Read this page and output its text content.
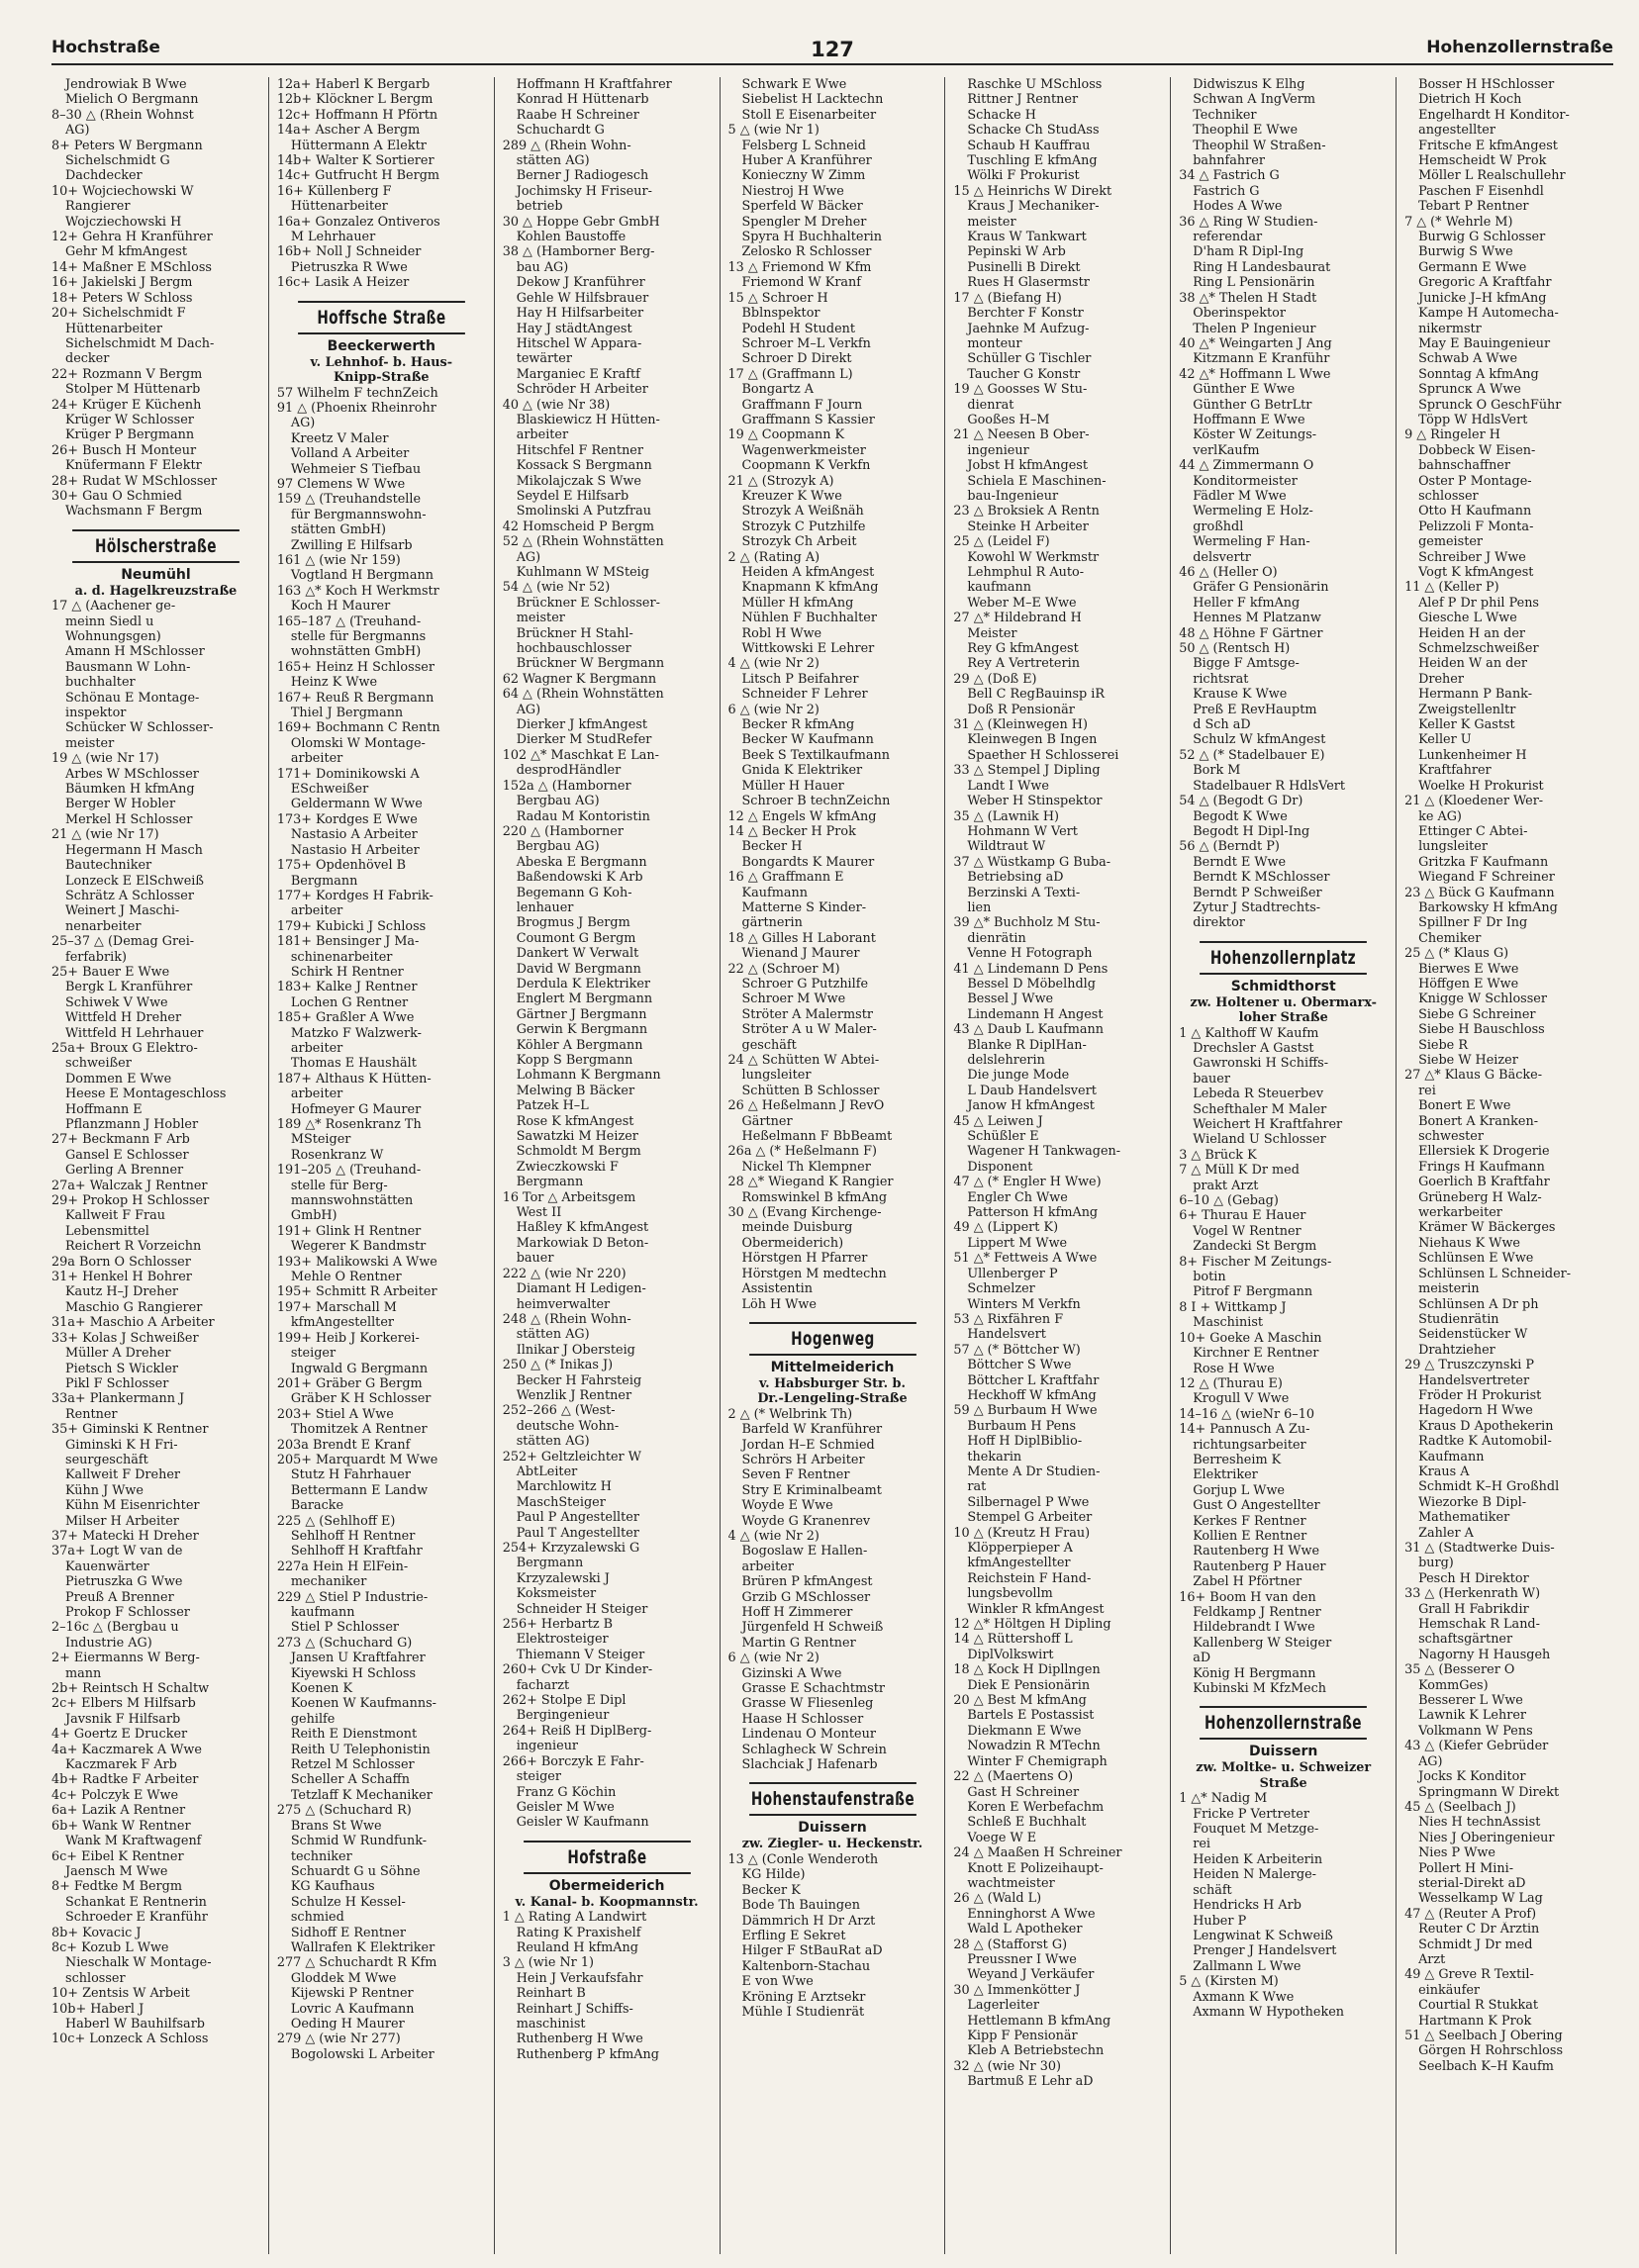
Hochstraße	127	Hohenzollernstraße
Jendrowiak B Wwe
Mielich O Bergmann
8–30 △ (Rhein Wohnst
AG)
8+ Peters W Bergmann
Sichelschmidt G
Dachdecker
10+ Wojciechowski W
Rangierer
Wojcziechowski H
12+ Gehra H Kranführer
Gehr M kfmAngest
14+ Maßner E MSchloss
16+ Jakielski J Bergm
18+ Peters W Schloss
20+ Sichelschmidt F
Hüttenarbeiter
Sichelschmidt M Dach-
decker
22+ Rozmann V Bergm
Stolper M Hüttenarb
24+ Krüger E Küchenh
Krüger W Schlosser
Krüger P Bergmann
26+ Busch H Monteur
Knüfermann F Elektr
28+ Rudat W MSchlosser
30+ Gau O Schmied
Wachsmann F Bergm
Hölscherstraße
Neumühl
a. d. Hagelkreuzstraße
17 △ (Aachener ge-
meinn Siedl u
Wohnungsgen)
Amann H MSchlosser
Bausmann W Lohn-
buchhalter
Schönau E Montage-
inspektor
Schücker W Schlosser-
meister
19 △ (wie Nr 17)
Arbes W MSchlosser
Bäumken H kfmAng
Berger W Hobler
Merkel H Schlosser
21 △ (wie Nr 17)
Hegermann H Masch
Bautechniker
Lonzeck E ElSchweiß
Schrätz A Schlosser
Weinert J Maschi-
nenarbeiter
25–37 △ (Demag Grei-
ferfabrik)
25+ Bauer E Wwe
Bergk L Kranführer
Schiwek V Wwe
Wittfeld H Dreher
Wittfeld H Lehrhauer
25a+ Broux G Elektro-
schweißer
Dommen E Wwe
Heese E Montageschloss
Hoffmann E
Pflanzmann J Hobler
27+ Beckmann F Arb
Gansel E Schlosser
Gerling A Brenner
27a+ Walczak J Rentner
29+ Prokop H Schlosser
Kallweit F Frau
Lebensmittel
Reichert R Vorzeichn
29a Born O Schlosser
31+ Henkel H Bohrer
Kautz H–J Dreher
Maschio G Rangierer
31a+ Maschio A Arbeiter
33+ Kolas J Schweißer
Müller A Dreher
Pietsch S Wickler
Pikl F Schlosser
33a+ Plankermann J
Rentner
35+ Giminski K Rentner
Giminski K H Fri-
seurgeschäft
Kallweit F Dreher
Kühn J Wwe
Kühn M Eisenrichter
Milser H Arbeiter
37+ Matecki H Dreher
37a+ Logt W van de
Kauenwärter
Pietruszka G Wwe
Preuß A Brenner
Prokop F Schlosser
2–16c △ (Bergbau u
Industrie AG)
2+ Eiermanns W Berg-
mann
2b+ Reintsch H Schaltw
2c+ Elbers M Hilfsarb
Javsnik F Hilfsarb
4+ Goertz E Drucker
4a+ Kaczmarek A Wwe
Kaczmarek F Arb
4b+ Radtke F Arbeiter
4c+ Polczyk E Wwe
6a+ Lazik A Rentner
6b+ Wank W Rentner
Wank M Kraftwagenf
6c+ Eibel K Rentner
Jaensch M Wwe
8+ Fedtke M Bergm
Schankat E Rentnerin
Schroeder E Kranführ
8b+ Kovacic J
8c+ Kozub L Wwe
Nieschalk W Montage-
schlosser
10+ Zentsis W Arbeit
10b+ Haberl J
Haberl W Bauhilfsarb
10c+ Lonzeck A Schloss
12a+ Haberl K Bergarb
12b+ Klöckner L Bergm
12c+ Hoffmann H Pförtn
14a+ Ascher A Bergm
Hüttermann A Elektr
14b+ Walter K Sortierer
14c+ Gutfrucht H Bergm
16+ Küllenberg F
Hüttenarbeiter
16a+ Gonzalez Ontiveros
M Lehrhauer
16b+ Noll J Schneider
Pietruszka R Wwe
16c+ Lasik A Heizer
Hoffsche Straße
Beeckerwerth
v. Lehnhof- b. Haus-
Knipp-Straße
57 Wilhelm F technZeich
91 △ (Phoenix Rheinrohr
AG)
Kreetz V Maler
Volland A Arbeiter
Wehmeier S Tiefbau
97 Clemens W Wwe
159 △ (Treuhandstelle
für Bergmannswohn-
stätten GmbH)
Zwilling E Hilfsarb
161 △ (wie Nr 159)
Vogtland H Bergmann
163 △* Koch H Werkmstr
Koch H Maurer
165–187 △ (Treuhand-
stelle für Bergmanns
wohnstätten GmbH)
165+ Heinz H Schlosser
Heinz K Wwe
167+ Reuß R Bergmann
Thiel J Bergmann
169+ Bochmann C Rentn
Olomski W Montage-
arbeiter
171+ Dominikowski A
ESchweißer
Geldermann W Wwe
173+ Kordges E Wwe
Nastasio A Arbeiter
Nastasio H Arbeiter
175+ Opdenhövel B
Bergmann
177+ Kordges H Fabrik-
arbeiter
179+ Kubicki J Schloss
181+ Bensinger J Ma-
schinenarbeiter
Schirk H Rentner
183+ Kalke J Rentner
Lochen G Rentner
185+ Graßler A Wwe
Matzko F Walzwerk-
arbeiter
Thomas E Haushält
187+ Althaus K Hütten-
arbeiter
Hofmeyer G Maurer
189 △* Rosenkranz Th
MSteiger
Rosenkranz W
191–205 △ (Treuhand-
stelle für Berg-
mannswohnstätten
GmbH)
191+ Glink H Rentner
Wegerer K Bandmstr
193+ Malikowski A Wwe
Mehle O Rentner
195+ Schmitt R Arbeiter
197+ Marschall M
kfmAngestellter
199+ Heib J Korkerei-
steiger
Ingwald G Bergmann
201+ Gräber G Bergm
Gräber K H Schlosser
203+ Stiel A Wwe
Thomitzek A Rentner
203a Brendt E Kranf
205+ Marquardt M Wwe
Stutz H Fahrhauer
Bettermann E Landw
Baracke
225 △ (Sehlhoff E)
Sehlhoff H Rentner
Sehlhoff H Kraftfahr
227a Hein H ElFein-
mechaniker
229 △ Stiel P Industrie-
kaufmann
Stiel P Schlosser
273 △ (Schuchard G)
Jansen U Kraftfahrer
Kiyewski H Schloss
Koenen K
Koenen W Kaufmanns-
gehilfe
Reith E Dienstmont
Reith U Telephonistin
Retzel M Schlosser
Scheller A Schaffn
Tetzlaff K Mechaniker
275 △ (Schuchard R)
Brans St Wwe
Schmid W Rundfunk-
techniker
Schuardt G u Söhne
KG Kaufhaus
Schulze H Kessel-
schmied
Sidhoff E Rentner
Wallrafen K Elektriker
277 △ Schuchardt R Kfm
Gloddek M Wwe
Kijewski P Rentner
Lovric A Kaufmann
Oeding H Maurer
279 △ (wie Nr 277)
Bogolowski L Arbeiter
Hoffmann H Kraftfahrer
Konrad H Hüttenarb
Raabe H Schreiner
Schuchardt G
289 △ (Rhein Wohn-
stätten AG)
Berner J Radiogesch
Jochimsky H Friseur-
betrieb
30 △ Hoppe Gebr GmbH
Kohlen Baustoffe
38 △ (Hamborner Berg-
bau AG)
Dekow J Kranführer
Gehle W Hilfsbrauer
Hay H Hilfsarbeiter
Hay J städtAngest
Hitschel W Appara-
tewärter
Marganiec E Kraftf
Schröder H Arbeiter
40 △ (wie Nr 38)
Blaskiewicz H Hütten-
arbeiter
Hitschfel F Rentner
Kossack S Bergmann
Mikolajczak S Wwe
Seydel E Hilfsarb
Smolinski A Putzfrau
42 Homscheid P Bergm
52 △ (Rhein Wohnstätten
AG)
Kuhlmann W MSteig
54 △ (wie Nr 52)
Brückner E Schlosser-
meister
Brückner H Stahl-
hochbauschlosser
Brückner W Bergmann
62 Wagner K Bergmann
64 △ (Rhein Wohnstätten
AG)
Dierker J kfmAngest
Dierker M StudRefer
102 △* Maschkat E Lan-
desprodHändler
152a △ (Hamborner
Bergbau AG)
Radau M Kontoristin
220 △ (Hamborner
Bergbau AG)
Abeska E Bergmann
Baßendowski K Arb
Begemann G Koh-
lenhauer
Brogmus J Bergm
Coumont G Bergm
Dankert W Verwalt
David W Bergmann
Derdula K Elektriker
Englert M Bergmann
Gärtner J Bergmann
Gerwin K Bergmann
Köhler A Bergmann
Kopp S Bergmann
Lohmann K Bergmann
Melwing B Bäcker
Patzek H–L
Rose K kfmAngest
Sawatzki M Heizer
Schmoldt M Bergm
Zwieczkowski F
Bergmann
16 Tor △ Arbeitsgem
West II
Haßley K kfmAngest
Markowiak D Beton-
bauer
222 △ (wie Nr 220)
Diamant H Ledigen-
heimverwalter
248 △ (Rhein Wohn-
stätten AG)
Ilnikar J Obersteig
250 △ (* Inikas J)
Becker H Fahrsteig
Wenzlik J Rentner
252–266 △ (West-
deutsche Wohn-
stätten AG)
252+ Geltzleichter W
AbtLeiter
Marchlowitz H
MaschSteiger
Paul P Angestellter
Paul T Angestellter
254+ Krzyzalewski G
Bergmann
Krzyzalewski J
Koksmeister
Schneider H Steiger
256+ Herbartz B
Elektrosteiger
Thiemann V Steiger
260+ Cvk U Dr Kinder-
facharzt
262+ Stolpe E Dipl
Bergingenieur
264+ Reiß H DiplBerg-
ingenieur
266+ Borczyk E Fahr-
steiger
Franz G Köchin
Geisler M Wwe
Geisler W Kaufmann
Hofstraße
Obermeiderich
v. Kanal- b. Koopmannstr.
1 △ Rating A Landwirt
Rating K Praxishelf
Reuland H kfmAng
3 △ (wie Nr 1)
Hein J Verkaufsfahr
Reinhart B
Reinhart J Schiffs-
maschinist
Ruthenberg H Wwe
Ruthenberg P kfmAng
Schwark E Wwe
Siebelist H Lacktechn
Stoll E Eisenarbeiter
5 △ (wie Nr 1)
Felsberg L Schneid
Huber A Kranführer
Konieczny W Zimm
Niestroj H Wwe
Sperfeld W Bäcker
Spengler M Dreher
Spyra H Buchhalterin
Zelosko R Schlosser
13 △ Friemond W Kfm
Friemond W Kranf
15 △ Schroer H
Bblnspektor
Podehl H Student
Schroer M–L Verkfn
Schroer D Direkt
17 △ (Graffmann L)
Bongartz A
Graffmann F Journ
Graffmann S Kassier
19 △ Coopmann K
Wagenwerkmeister
Coopmann K Verkfn
21 △ (Strozyk A)
Kreuzer K Wwe
Strozyk A Weißnäh
Strozyk C Putzhilfe
Strozyk Ch Arbeit
2 △ (Rating A)
Heiden A kfmAngest
Knapmann K kfmAng
Müller H kfmAng
Nühlen F Buchhalter
Robl H Wwe
Wittkowski E Lehrer
4 △ (wie Nr 2)
Litsch P Beifahrer
Schneider F Lehrer
6 △ (wie Nr 2)
Becker R kfmAng
Becker W Kaufmann
Beek S Textilkaufmann
Gnida K Elektriker
Müller H Hauer
Schroer B technZeichn
12 △ Engels W kfmAng
14 △ Becker H Prok
Becker H
Bongardts K Maurer
16 △ Graffmann E
Kaufmann
Matterne S Kinder-
gärtnerin
18 △ Gilles H Laborant
Wienand J Maurer
22 △ (Schroer M)
Schroer G Putzhilfe
Schroer M Wwe
Ströter A Malermstr
Ströter A u W Maler-
geschäft
24 △ Schütten W Abtei-
lungsleiter
Schütten B Schlosser
26 △ Heßelmann J RevO
Gärtner
Heßelmann F BbBeamt
26a △ (* Heßelmann F)
Nickel Th Klempner
28 △* Wiegand K Rangier
Romswinkel B kfmAng
30 △ (Evang Kirchenge-
meinde Duisburg
Obermeiderich)
Hörstgen H Pfarrer
Hörstgen M medtechn
Assistentin
Löh H Wwe
Hogenweg
Mittelmeiderich
v. Habsburger Str. b.
Dr.-Lengeling-Straße
2 △ (* Welbrink Th)
Barfeld W Kranführer
Jordan H–E Schmied
Schrörs H Arbeiter
Seven F Rentner
Stry E Kriminalbeamt
Woyde E Wwe
Woyde G Kranenrev
4 △ (wie Nr 2)
Bogoslaw E Hallen-
arbeiter
Brüren P kfmAngest
Grzib G MSchlosser
Hoff H Zimmerer
Jürgenfeld H Schweiß
Martin G Rentner
6 △ (wie Nr 2)
Gizinski A Wwe
Grasse E Schachtmstr
Grasse W Fliesenleg
Haase H Schlosser
Lindenau O Monteur
Schlagheck W Schrein
Slachciak J Hafenarb
Hohenstaufenstraße
Duissern
zw. Ziegler- u. Heckenstr.
13 △ (Conle Wenderoth
KG Hilde)
Becker K
Bode Th Bauingen
Dämmrich H Dr Arzt
Erfling E Sekret
Hilger F StBauRat aD
Kaltenborn-Stachau
E von Wwe
Kröning E Arztsekr
Mühle I Studienrät
Raschke U MSchloss
Rittner J Rentner
Schacke H
Schacke Ch StudAss
Schaub H Kauffrau
Tuschling E kfmAng
Wölki F Prokurist
15 △ Heinrichs W Direkt
Kraus J Mechaniker-
meister
Kraus W Tankwart
Pepinski W Arb
Pusinelli B Direkt
Rues H Glasermstr
17 △ (Biefang H)
Berchter F Konstr
Jaehnke M Aufzug-
monteur
Schüller G Tischler
Taucher G Konstr
19 △ Goosses W Stu-
dienrat
Gooßes H–M
21 △ Neesen B Ober-
ingenieur
Jobst H kfmAngest
Schiela E Maschinen-
bau-Ingenieur
23 △ Broksiek A Rentn
Steinke H Arbeiter
25 △ (Leidel F)
Kowohl W Werkmstr
Lehmphul R Auto-
kaufmann
Weber M–E Wwe
27 △* Hildebrand H
Meister
Rey G kfmAngest
Rey A Vertreterin
29 △ (Doß E)
Bell C RegBauinsp iR
Doß R Pensionär
31 △ (Kleinwegen H)
Kleinwegen B Ingen
Spaether H Schlosserei
33 △ Stempel J Dipling
Landt I Wwe
Weber H Stinspektor
35 △ (Lawnik H)
Hohmann W Vert
Wildtraut W
37 △ Wüstkamp G Buba-
Betriebsing aD
Berzinski A Texti-
lien
39 △* Buchholz M Stu-
dienrätin
Venne H Fotograph
41 △ Lindemann D Pens
Bessel D Möbelhdlg
Bessel J Wwe
Lindemann H Angest
43 △ Daub L Kaufmann
Blanke R DiplHan-
delslehrerin
Die junge Mode
L Daub Handelsvert
Janow H kfmAngest
45 △ Leiwen J
Schüßler E
Wagener H Tankwagen-
Disponent
47 △ (* Engler H Wwe)
Engler Ch Wwe
Patterson H kfmAng
49 △ (Lippert K)
Lippert M Wwe
51 △* Fettweis A Wwe
Ullenberger P
Schmelzer
Winters M Verkfn
53 △ Rixfähren F
Handelsvert
57 △ (* Böttcher W)
Böttcher S Wwe
Böttcher L Kraftfahr
Heckhoff W kfmAng
59 △ Burbaum H Wwe
Burbaum H Pens
Hoff H DiplBiblio-
thekarin
Mente A Dr Studien-
rat
Silbernagel P Wwe
Stempel G Arbeiter
10 △ (Kreutz H Frau)
Klöpperpieper A
kfmAngestellter
Reichstein F Hand-
lungsbevollm
Winkler R kfmAngest
12 △* Höltgen H Dipling
14 △ Rüttershoff L
DiplVolkswirt
18 △ Kock H Dipllngen
Diek E Pensionärin
20 △ Best M kfmAng
Bartels E Postassist
Diekmann E Wwe
Nowadzin R MTechn
Winter F Chemigraph
22 △ (Maertens O)
Gast H Schreiner
Koren E Werbefachm
Schleß E Buchhalt
Voege W E
24 △ Maaßen H Schreiner
Knott E Polizeihaupt-
wachtmeister
26 △ (Wald L)
Enninghorst A Wwe
Wald L Apotheker
28 △ (Stafforst G)
Preussner I Wwe
Weyand J Verkäufer
30 △ Immenkötter J
Lagerleiter
Hettlemann B kfmAng
Kipp F Pensionär
Kleb A Betriebstechn
32 △ (wie Nr 30)
Bartmuß E Lehr aD
Didwiszus K Elhg
Schwan A IngVerm
Techniker
Theophil E Wwe
Theophil W Straßen-
bahnfahrer
34 △ Fastrich G
Fastrich G
Hodes A Wwe
36 △ Ring W Studien-
referendar
D'ham R Dipl-Ing
Ring H Landesbaurat
Ring L Pensionärin
38 △* Thelen H Stadt
Oberinspektor
Thelen P Ingenieur
40 △* Weingarten J Ang
Kitzmann E Kranführ
42 △* Hoffmann L Wwe
Günther E Wwe
Günther G BetrLtr
Hoffmann E Wwe
Köster W Zeitungs-
verlKaufm
44 △ Zimmermann O
Konditormeister
Fädler M Wwe
Wermeling E Holz-
großhdl
Wermeling F Han-
delsvertr
46 △ (Heller O)
Gräfer G Pensionärin
Heller F kfmAng
Hennes M Platzanw
48 △ Höhne F Gärtner
50 △ (Rentsch H)
Bigge F Amtsge-
richtsrat
Krause K Wwe
Preß E RevHauptm
d Sch aD
Schulz W kfmAngest
52 △ (* Stadelbauer E)
Bork M
Stadelbauer R HdlsVert
54 △ (Begodt G Dr)
Begodt K Wwe
Begodt H Dipl-Ing
56 △ (Berndt P)
Berndt E Wwe
Berndt K MSchlosser
Berndt P Schweißer
Zytur J Stadtrechts-
direktor
Hohenzollernplatz
Schmidthorst
zw. Holtener u. Obermarx-
loher Straße
1 △ Kalthoff W Kaufm
Drechsler A Gastst
Gawronski H Schiffs-
bauer
Lebeda R Steuerbev
Schefthaler M Maler
Weichert H Kraftfahrer
Wieland U Schlosser
3 △ Brück K
7 △ Müll K Dr med
prakt Arzt
6–10 △ (Gebag)
6+ Thurau E Hauer
Vogel W Rentner
Zandecki St Bergm
8+ Fischer M Zeitungs-
botin
Pitrof F Bergmann
8 I + Wittkamp J
Maschinist
10+ Goeke A Maschin
Kirchner E Rentner
Rose H Wwe
12 △ (Thurau E)
Krogull V Wwe
14–16 △ (wieNr 6–10
14+ Pannusch A Zu-
richtungsarbeiter
Berresheim K
Elektriker
Gorjup L Wwe
Gust O Angestellter
Kerkes F Rentner
Kollien E Rentner
Rautenberg H Wwe
Rautenberg P Hauer
Zabel H Pförtner
16+ Boom H van den
Feldkamp J Rentner
Hildebrandt I Wwe
Kallenberg W Steiger
aD
König H Bergmann
Kubinski M KfzMech
Hohenzollernstraße
Duissern
zw. Moltke- u. Schweizer
Straße
1 △* Nadig M
Fricke P Vertreter
Fouquet M Metzge-
rei
Heiden K Arbeiterin
Heiden N Malerge-
schäft
Hendricks H Arb
Huber P
Lengwinat K Schweiß
Prenger J Handelsvert
Zallmann L Wwe
5 △ (Kirsten M)
Axmann K Wwe
Axmann W Hypotheken
Bosser H HSchlosser
Dietrich H Koch
Engelhardt H Konditor-
angestellter
Fritsche E kfmAngest
Hemscheidt W Prok
Möller L Realschullehr
Paschen F Eisenhdl
Tebart P Rentner
7 △ (* Wehrle M)
Burwig G Schlosser
Burwig S Wwe
Germann E Wwe
Gregoric A Kraftfahr
Junicke J–H kfmAng
Kampe H Automecha-
nikermstr
May E Bauingenieur
Schwab A Wwe
Sonntag A kfmAng
Spruncк A Wwe
Sprunck O GeschFühr
Töpp W HdlsVert
9 △ Ringeler H
Dobbeck W Eisen-
bahnschaffner
Oster P Montage-
schlosser
Otto H Kaufmann
Pelizzoli F Monta-
gemeister
Schreiber J Wwe
Vogt K kfmAngest
11 △ (Keller P)
Alef P Dr phil Pens
Giesche L Wwe
Heiden H an der
Schmelzschweißer
Heiden W an der
Dreher
Hermann P Bank-
Zweigstellenltr
Keller K Gastst
Keller U
Lunkenheimer H
Kraftfahrer
Woelke H Prokurist
21 △ (Kloedener Wer-
ke AG)
Ettinger C Abtei-
lungsleiter
Gritzka F Kaufmann
Wiegand F Schreiner
23 △ Bück G Kaufmann
Barkowsky H kfmAng
Spillner F Dr Ing
Chemiker
25 △ (* Klaus G)
Bierwes E Wwe
Höffgen E Wwe
Knigge W Schlosser
Siebe G Schreiner
Siebe H Bauschloss
Siebe R
Siebe W Heizer
27 △* Klaus G Bäcke-
rei
Bonert E Wwe
Bonert A Kranken-
schwester
Ellersiek K Drogerie
Frings H Kaufmann
Goerlich B Kraftfahr
Grüneberg H Walz-
werkarbeiter
Krämer W Bäckerges
Niehaus K Wwe
Schlünsen E Wwe
Schlünsen L Schneider-
meisterin
Schlünsen A Dr ph
Studienrätin
Seidenstücker W
Drahtzieher
29 △ Truszczynski P
Handelsvertreter
Fröder H Prokurist
Hagedorn H Wwe
Kraus D Apothekerin
Radtke K Automobil-
Kaufmann
Kraus A
Schmidt K–H Großhdl
Wiezorke B Dipl-
Mathematiker
Zahler A
31 △ (Stadtwerke Duis-
burg)
Pesch H Direktor
33 △ (Herkenrath W)
Grall H Fabrikdir
Hemschak R Land-
schaftsgärtner
Nagorny H Hausgeh
35 △ (Besserer O
KommGes)
Besserer L Wwe
Lawnik K Lehrer
Volkmann W Pens
43 △ (Kiefer Gebrüder
AG)
Jocks K Konditor
Springmann W Direkt
45 △ (Seelbach J)
Nies H technAssist
Nies J Oberingenieur
Nies P Wwe
Pollert H Mini-
sterial-Direkt aD
Wesselkamp W Lag
47 △ (Reuter A Prof)
Reuter C Dr Ärztin
Schmidt J Dr med
Arzt
49 △ Greve R Textil-
einkäufer
Courtial R Stukkat
Hartmann K Prok
51 △ Seelbach J Obering
Görgen H Rohrschloss
Seelbach K–H Kaufm
